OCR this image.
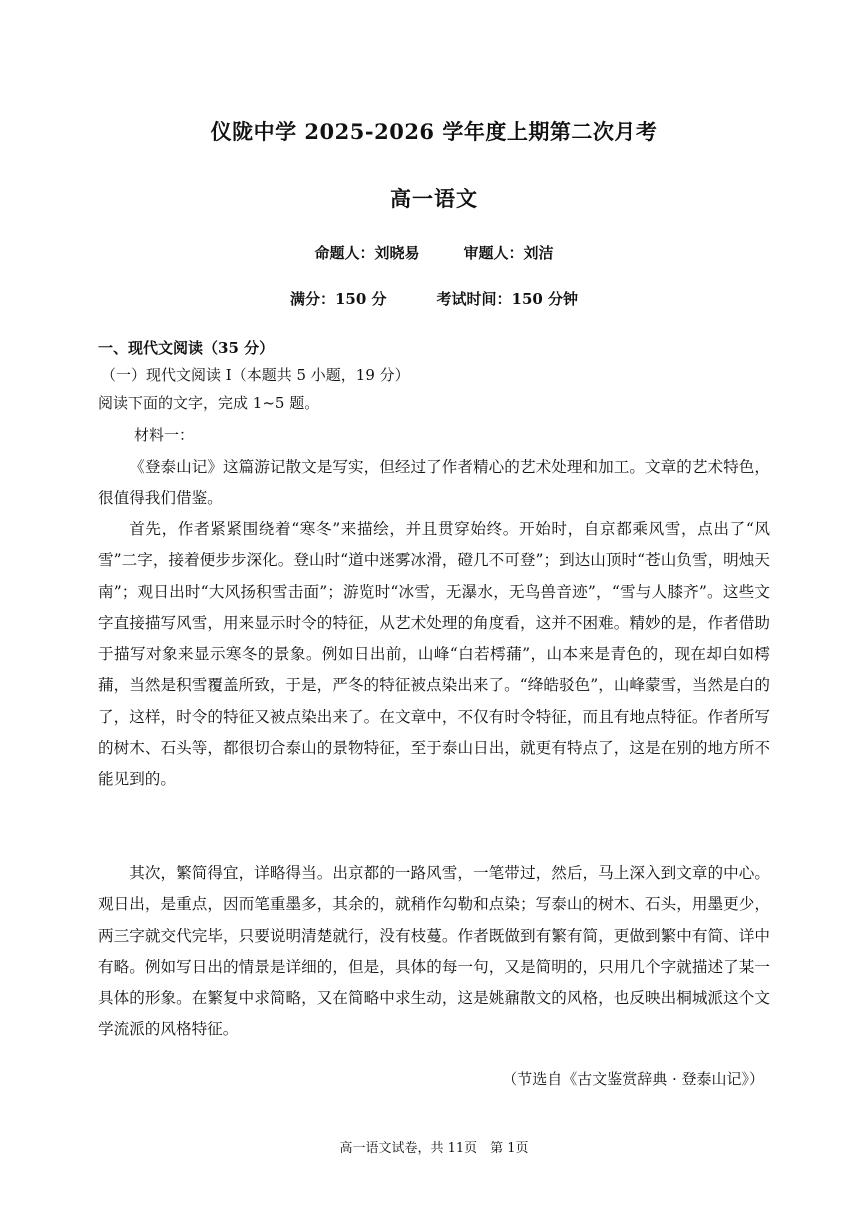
仪陇中学 2025-2026 学年度上期第二次月考
高一语文
命题人：刘晓易	审题人：刘洁
满分：150 分	考试时间：150 分钟
一、现代文阅读（35 分）
（一）现代文阅读 I（本题共 5 小题，19 分）
阅读下面的文字，完成 1~5 题。
材料一：

《登泰山记》这篇游记散文是写实，但经过了作者精心的艺术处理和加工。文章的艺术特色，很值得我们借鉴。

首先，作者紧紧围绕着“寒冬”来描绘，并且贯穿始终。开始时，自京都乘风雪，点出了“风雪”二字，接着便步步深化。登山时“道中迷雾冰滑，磴几不可登”；到达山顶时“苍山负雪，明烛天南”；观日出时“大风扬积雪击面”；游览时“冰雪，无瀑水，无鸟兽音迹”，“雪与人膝齐”。这些文字直接描写风雪，用来显示时令的特征，从艺术处理的角度看，这并不困难。精妙的是，作者借助于描写对象来显示寒冬的景象。例如日出前，山峰“白若樗蒱”，山本来是青色的，现在却白如樗蒱，当然是积雪覆盖所致，于是，严冬的特征被点染出来了。“绛皓驳色”，山峰蒙雪，当然是白的了，这样，时令的特征又被点染出来了。在文章中，不仅有时令特征，而且有地点特征。作者所写的树木、石头等，都很切合泰山的景物特征，至于泰山日出，就更有特点了，这是在别的地方所不能见到的。

其次，繁简得宜，详略得当。出京都的一路风雪，一笔带过，然后，马上深入到文章的中心。观日出，是重点，因而笔重墨多，其余的，就稍作勾勒和点染；写泰山的树木、石头，用墨更少，两三字就交代完毕，只要说明清楚就行，没有枝蔓。作者既做到有繁有简，更做到繁中有简、详中有略。例如写日出的情景是详细的，但是，具体的每一句，又是简明的，只用几个字就描述了某一具体的形象。在繁复中求简略，又在简略中求生动，这是姚鼐散文的风格，也反映出桐城派这个文学流派的风格特征。

（节选自《古文鉴赏辞典 · 登泰山记》）
高一语文试卷，共 11页　第 1页
